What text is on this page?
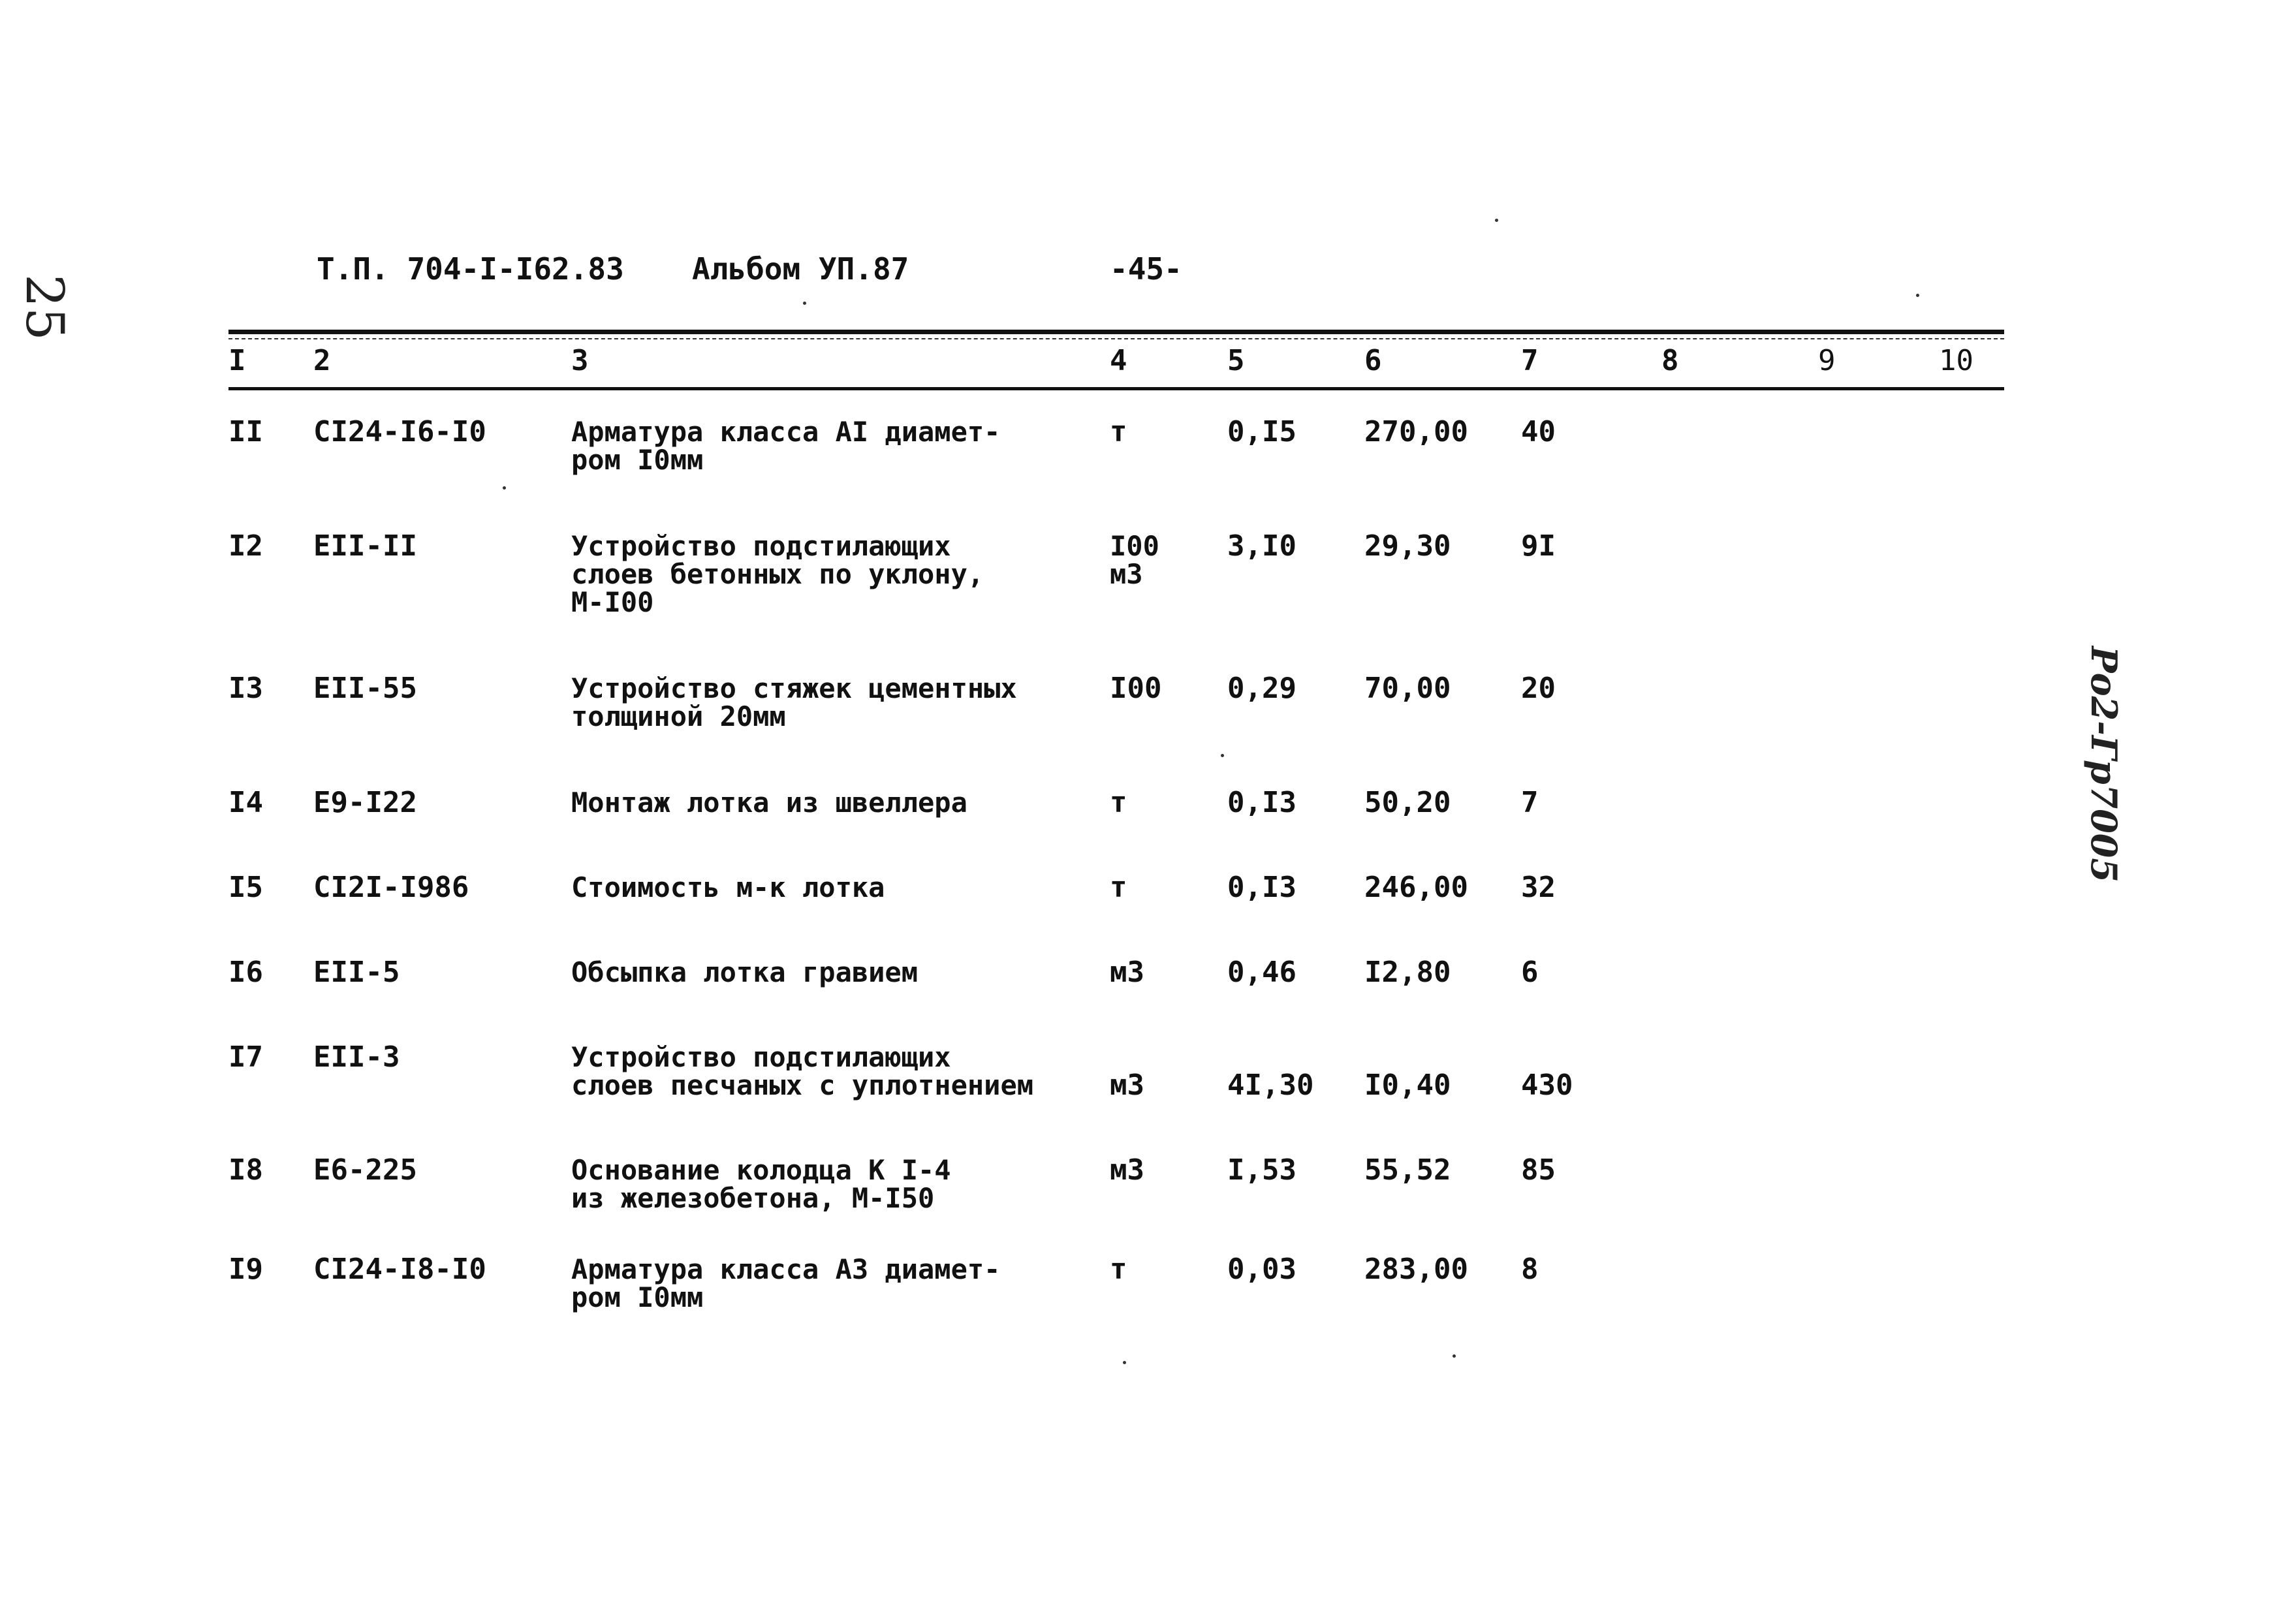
25
Ро2-Гр7005
Т.П. 704-I-I62.83 Альбом УП.87	-45-
I 2	3	4	5	6	7	8	9	10
II CI24-I6-I0	Арматура класса AI диамет-
ром I0мм
т	0,I5 270,00 40
I2 EII-II	Устройство подстилающих
слоев бетонных по уклону,
М-I00
I00
м3
3,I0 29,30 9I
I3 EII-55	Устройство стяжек цементных
толщиной 20мм
I00 0,29 70,00 20
I4 E9-I22	Монтаж лотка из швеллера	т	0,I3 50,20 7
I5 CI2I-I986	Стоимость м-к лотка	т	0,I3 246,00 32
I6 EII-5	Обсыпка лотка гравием	м3	0,46 I2,80 6
I7 EII-3	Устройство подстилающих
слоев песчаных с уплотнением	м3	4I,30 I0,40 430
I8 E6-225	Основание колодца К I-4
из железобетона, М-I50
м3	I,53 55,52 85
I9 CI24-I8-I0	Арматура класса А3 диамет-
ром I0мм
т	0,03 283,00 8
